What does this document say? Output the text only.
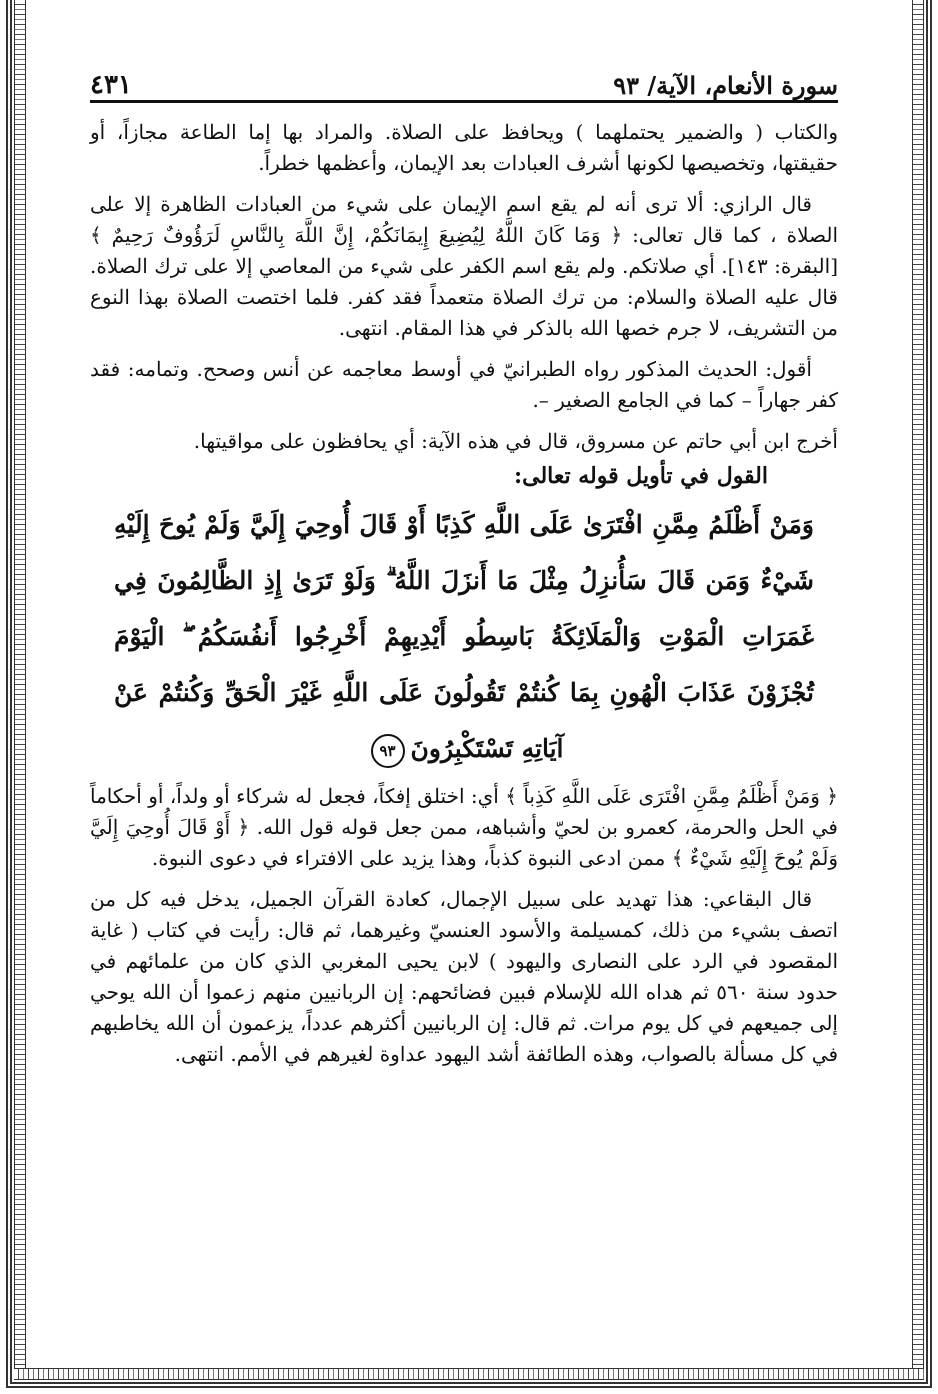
سورة الأنعام، الآية/ ٩٣
٤٣١

والكتاب ( والضمير يحتملهما ) ويحافظ على الصلاة. والمراد بها إما الطاعة مجازاً، أو حقيقتها، وتخصيصها لكونها أشرف العبادات بعد الإيمان، وأعظمها خطراً.

قال الرازي: ألا ترى أنه لم يقع اسم الإيمان على شيء من العبادات الظاهرة إلا على الصلاة ، كما قال تعالى: ﴿ وَمَا كَانَ اللَّهُ لِيُضِيعَ إِيمَانَكُمْ، إِنَّ اللَّهَ بِالنَّاسِ لَرَؤُوفٌ رَحِيمٌ ﴾ [البقرة: ١٤٣]. أي صلاتكم. ولم يقع اسم الكفر على شيء من المعاصي إلا على ترك الصلاة. قال عليه الصلاة والسلام: من ترك الصلاة متعمداً فقد كفر. فلما اختصت الصلاة بهذا النوع من التشريف، لا جرم خصها الله بالذكر في هذا المقام. انتهى.

أقول: الحديث المذكور رواه الطبرانيّ في أوسط معاجمه عن أنس وصحح. وتمامه: فقد كفر جهاراً – كما في الجامع الصغير –.

أخرج ابن أبي حاتم عن مسروق، قال في هذه الآية: أي يحافظون على مواقيتها.

القول في تأويل قوله تعالى:

وَمَنْ أَظْلَمُ مِمَّنِ افْتَرَىٰ عَلَى اللَّهِ كَذِبًا أَوْ قَالَ أُوحِيَ إِلَيَّ وَلَمْ يُوحَ إِلَيْهِ شَيْءٌ وَمَن قَالَ سَأُنزِلُ مِثْلَ مَا أَنزَلَ اللَّهُ ۗ وَلَوْ تَرَىٰ إِذِ الظَّالِمُونَ فِي غَمَرَاتِ الْمَوْتِ وَالْمَلَائِكَةُ بَاسِطُو أَيْدِيهِمْ أَخْرِجُوا أَنفُسَكُمُ ۖ الْيَوْمَ تُجْزَوْنَ عَذَابَ الْهُونِ بِمَا كُنتُمْ تَقُولُونَ عَلَى اللَّهِ غَيْرَ الْحَقِّ وَكُنتُمْ عَنْ آيَاتِهِ تَسْتَكْبِرُونَ٩٣

﴿ وَمَنْ أَظْلَمُ مِمَّنِ افْتَرَى عَلَى اللَّهِ كَذِباً ﴾ أي: اختلق إفكاً، فجعل له شركاء أو ولداً، أو أحكاماً في الحل والحرمة، كعمرو بن لحيّ وأشباهه، ممن جعل قوله قول الله. ﴿ أَوْ قَالَ أُوحِيَ إِلَيَّ وَلَمْ يُوحَ إِلَيْهِ شَيْءٌ ﴾ ممن ادعى النبوة كذباً، وهذا يزيد على الافتراء في دعوى النبوة.

قال البقاعي: هذا تهديد على سبيل الإجمال، كعادة القرآن الجميل، يدخل فيه كل من اتصف بشيء من ذلك، كمسيلمة والأسود العنسيّ وغيرهما، ثم قال: رأيت في كتاب ( غاية المقصود في الرد على النصارى واليهود ) لابن يحيى المغربي الذي كان من علمائهم في حدود سنة ٥٦٠ ثم هداه الله للإسلام فبين فضائحهم: إن الربانيين منهم زعموا أن الله يوحي إلى جميعهم في كل يوم مرات. ثم قال: إن الربانيين أكثرهم عدداً، يزعمون أن الله يخاطبهم في كل مسألة بالصواب، وهذه الطائفة أشد اليهود عداوة لغيرهم في الأمم. انتهى.
